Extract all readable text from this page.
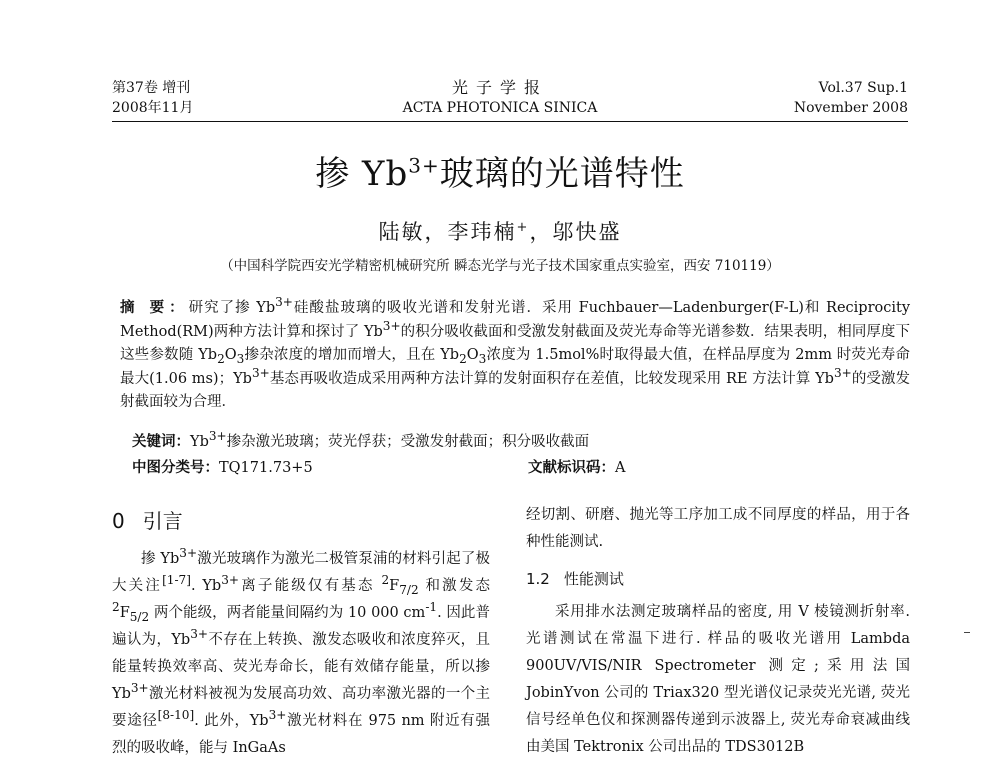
第37卷 增刊
2008年11月
光子学报
ACTA PHOTONICA SINICA
Vol.37 Sup.1
November 2008
掺 $Yb^{3+}$玻璃的光谱特性
陆敏，李玮楠+，邬快盛
（中国科学院西安光学精密机械研究所 瞬态光学与光子技术国家重点实验室，西安 710119）
摘 要：研究了掺 $Yb^{3+}$硅酸盐玻璃的吸收光谱和发射光谱．采用 Fuchbauer—Ladenburger(F-L)和 Reciprocity Method(RM)两种方法计算和探讨了 $Yb^{3+}$的积分吸收截面和受激发射截面及荧光寿命等光谱参数．结果表明，相同厚度下这些参数随 $Yb_2O_3$掺杂浓度的增加而增大，且在 $Yb_2O_3$浓度为 1.5mol%时取得最大值，在样品厚度为 2mm 时荧光寿命最大(1.06 ms)；$Yb^{3+}$基态再吸收造成采用两种方法计算的发射面积存在差值，比较发现采用 RE 方法计算 $Yb^{3+}$的受激发射截面较为合理．
关键词：$Yb^{3+}$掺杂激光玻璃；荧光俘获；受激发射截面；积分吸收截面
中图分类号：TQ171.73+5	文献标识码：A
0 引言

掺 $Yb^{3+}$激光玻璃作为激光二极管泵浦的材料引起了极大关注[1-7]. $Yb^{3+}$离子能级仅有基态 $^2F_{7/2}$ 和激发态 $^2F_{5/2}$ 两个能级，两者能量间隔约为 10 000 $cm^{-1}$. 因此普遍认为，$Yb^{3+}$不存在上转换、激发态吸收和浓度猝灭，且能量转换效率高、荧光寿命长，能有效储存能量，所以掺 $Yb^{3+}$激光材料被视为发展高功效、高功率激光器的一个主要途径[8-10]. 此外，$Yb^{3+}$激光材料在 975 nm 附近有强烈的吸收峰，能与 InGaAs

经切割、研磨、抛光等工序加工成不同厚度的样品，用于各种性能测试.

1.2 性能测试

采用排水法测定玻璃样品的密度, 用 V 棱镜测折射率. 光谱测试在常温下进行. 样品的吸收光谱用 Lambda 900UV/VIS/NIR Spectrometer 测定;采用法国 JobinYvon 公司的 Triax320 型光谱仪记录荧光光谱, 荧光信号经单色仪和探测器传递到示波器上, 荧光寿命衰减曲线由美国 Tektronix 公司出品的 TDS3012B
